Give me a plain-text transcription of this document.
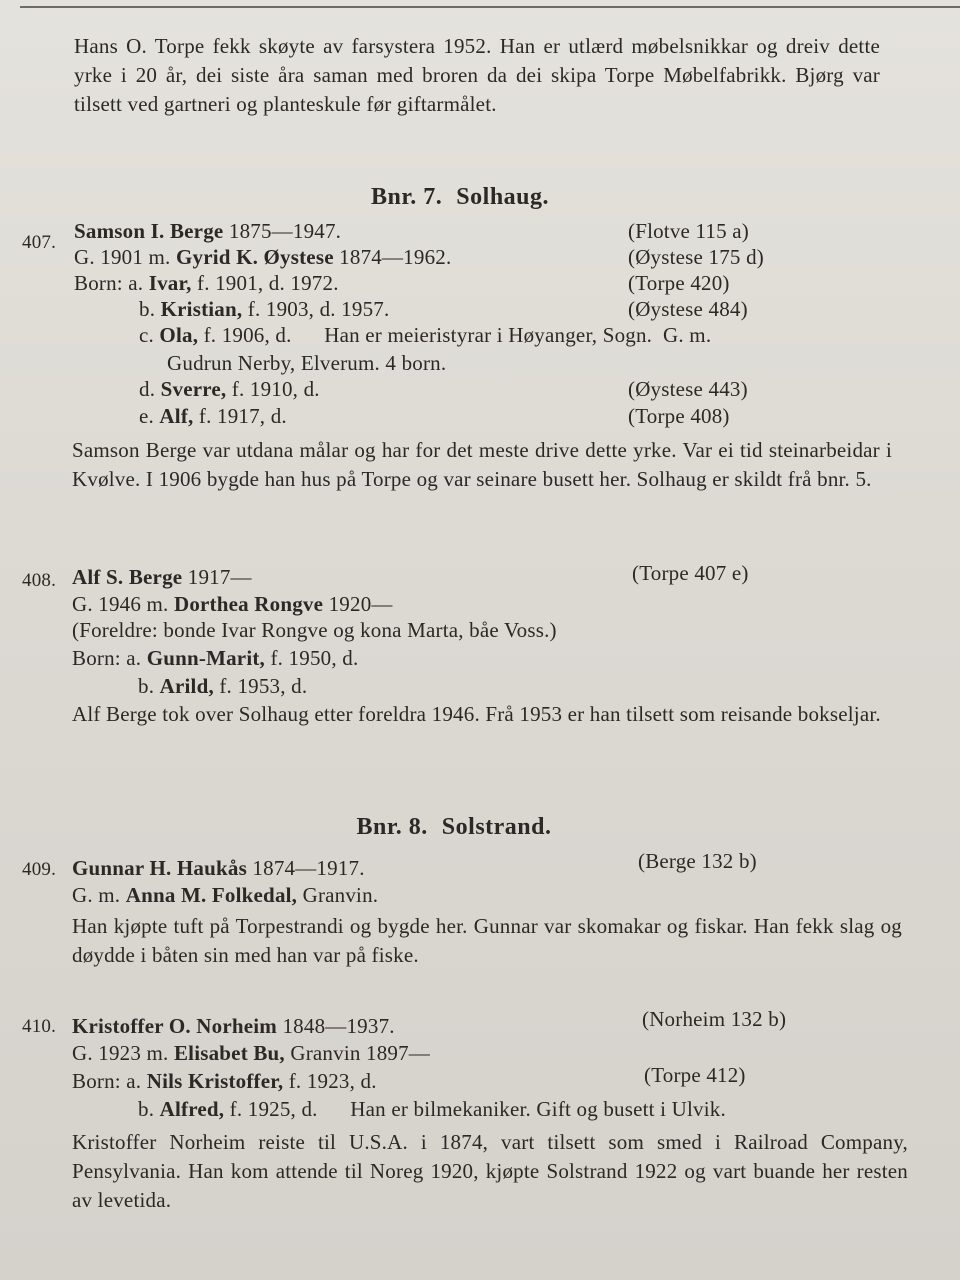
Hans O. Torpe fekk skøyte av farsystera 1952. Han er utlærd møbelsnikkar og dreiv dette yrke i 20 år, dei siste åra saman med broren da dei skipa Torpe Møbelfabrikk. Bjørg var tilsett ved gartneri og planteskule før giftarmålet.
Bnr. 7. Solhaug.
407. Samson I. Berge 1875—1947.	(Flotve 115 a)
G. 1901 m. Gyrid K. Øystese 1874—1962.	(Øystese 175 d)
Born: a. Ivar, f. 1901, d. 1972.	(Torpe 420)
b. Kristian, f. 1903, d. 1957.	(Øystese 484)
c. Ola, f. 1906, d.      Han er meieristyrar i Høyanger, Sogn.  G. m.
Gudrun Nerby, Elverum. 4 born.
d. Sverre, f. 1910, d.	(Øystese 443)
e. Alf, f. 1917, d.	(Torpe 408)
Samson Berge var utdana målar og har for det meste drive dette yrke. Var ei tid steinarbeidar i Kvølve. I 1906 bygde han hus på Torpe og var seinare busett her. Solhaug er skildt frå bnr. 5.
408. Alf S. Berge 1917—	(Torpe 407 e)
G. 1946 m. Dorthea Rongve 1920—
(Foreldre: bonde Ivar Rongve og kona Marta, båe Voss.)
Born: a. Gunn-Marit, f. 1950, d.
b. Arild, f. 1953, d.
Alf Berge tok over Solhaug etter foreldra 1946. Frå 1953 er han tilsett som reisande bokseljar.
Bnr. 8. Solstrand.
409. Gunnar H. Haukås 1874—1917.	(Berge 132 b)
G. m. Anna M. Folkedal, Granvin.
Han kjøpte tuft på Torpestrandi og bygde her. Gunnar var skomakar og fiskar. Han fekk slag og døydde i båten sin med han var på fiske.
410. Kristoffer O. Norheim 1848—1937.	(Norheim 132 b)
G. 1923 m. Elisabet Bu, Granvin 1897—
Born: a. Nils Kristoffer, f. 1923, d.	(Torpe 412)
b. Alfred, f. 1925, d.      Han er bilmekaniker. Gift og busett i Ulvik.
Kristoffer Norheim reiste til U.S.A. i 1874, vart tilsett som smed i Railroad Company, Pensylvania. Han kom attende til Noreg 1920, kjøpte Solstrand 1922 og vart buande her resten av levetida.
